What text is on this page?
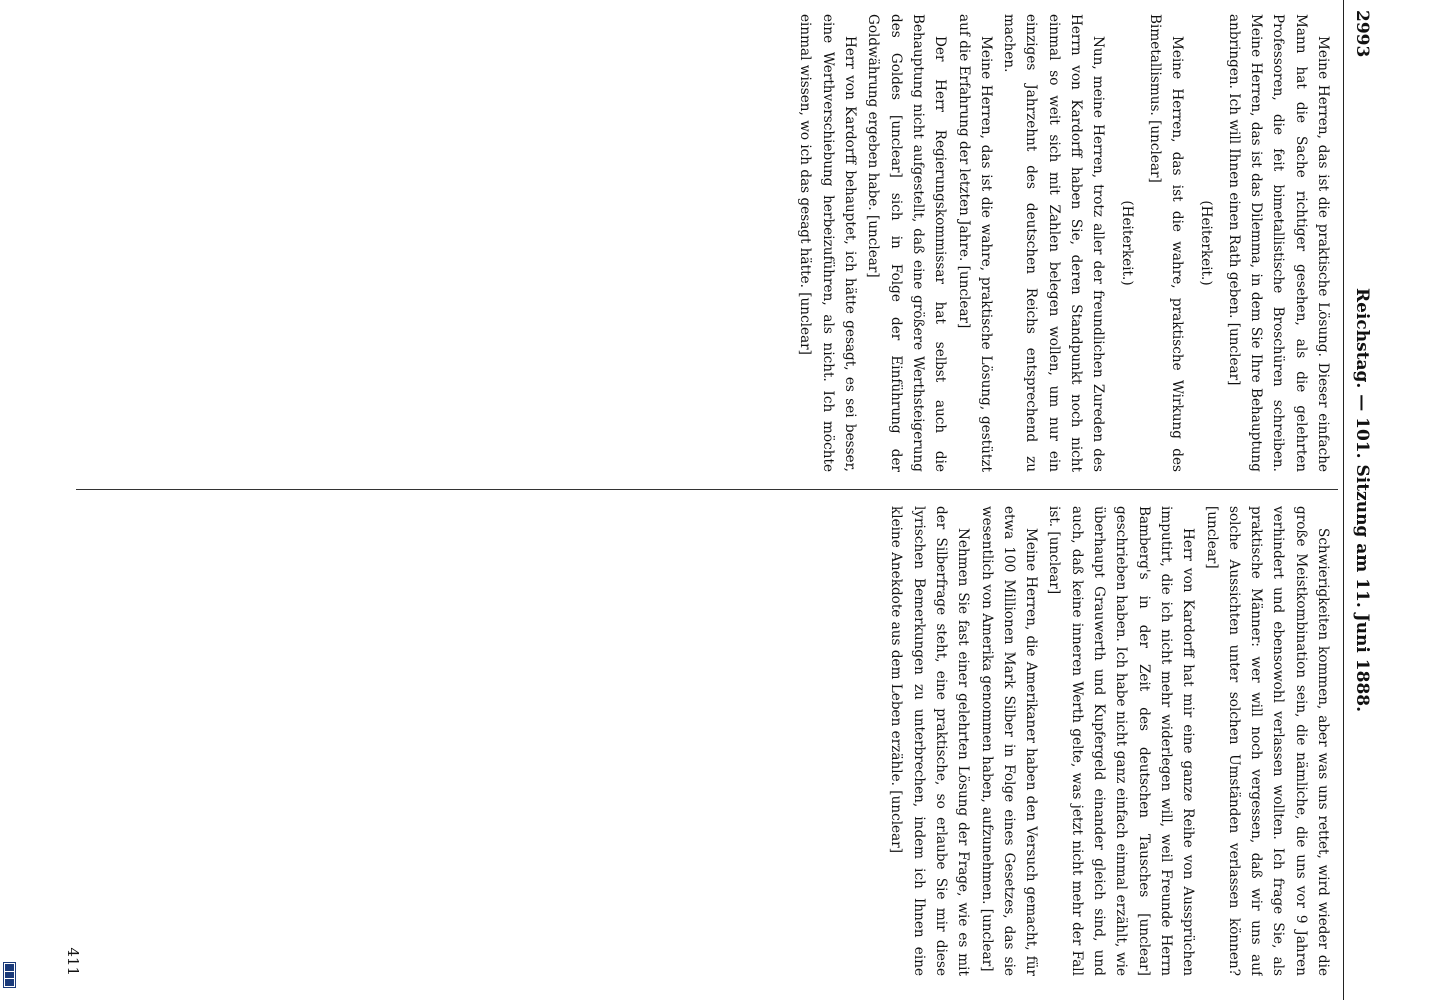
2993
Reichstag. — 101. Sitzung am 11. Juni 1888.

Meine Herren, das ist die praktische Lösung. Dieser einfache Mann hat die Sache richtiger gesehen, als die gelehrten Professoren, die feit bimetallistische Broschüren schreiben. Meine Herren, das ist das Dilemma, in dem Sie Ihre Behauptung anbringen. Ich will Ihnen einen Rath geben. [unclear]

(Heiterkeit.)

Meine Herren, das ist die wahre, praktische Wirkung des Bimetallismus. [unclear]

(Heiterkeit.)

Nun, meine Herren, trotz aller der freundlichen Zureden des Herrn von Kardorff haben Sie, deren Standpunkt noch nicht einmal so weit sich mit Zahlen belegen wollen, um nur ein einziges Jahrzehnt des deutschen Reichs entsprechend zu machen.

Meine Herren, das ist die wahre, praktische Lösung, gestützt auf die Erfahrung der letzten Jahre. [unclear]

Der Herr Regierungskommissar hat selbst auch die Behauptung nicht aufgestellt, daß eine größere Werthsteigerung des Goldes [unclear] sich in Folge der Einführung der Goldwährung ergeben habe. [unclear]

Herr von Kardorff behauptet, ich hätte gesagt, es sei besser, eine Werthverschiebung herbeizuführen, als nicht. Ich möchte einmal wissen, wo ich das gesagt hätte. [unclear]

Schwierigkeiten kommen, aber was uns rettet, wird wieder die große Meistkombination sein, die nämliche, die uns vor 9 Jahren verhindert und ebensowohl verlassen wollten. Ich frage Sie, als praktische Männer: wer will noch vergessen, daß wir uns auf solche Aussichten unter solchen Umständen verlassen können? [unclear]

Herr von Kardorff hat mir eine ganze Reihe von Aussprüchen imputirt, die ich nicht mehr widerlegen will, weil Freunde Herrn Bamberg's in der Zeit des deutschen Tausches [unclear] geschrieben haben. Ich habe nicht ganz einfach einmal erzählt, wie überhaupt Grauwerth und Kupfergeld einander gleich sind, und auch, daß keine inneren Werth gelte, was jetzt nicht mehr der Fall ist. [unclear]

Meine Herren, die Amerikaner haben den Versuch gemacht, für etwa 100 Millionen Mark Silber in Folge eines Gesetzes, das sie wesentlich von Amerika genommen haben, aufzunehmen. [unclear]

Nehmen Sie fast einer gelehrten Lösung der Frage, wie es mit der Silberfrage steht, eine praktische, so erlaube Sie mir diese lyrischen Bemerkungen zu unterbrechen, indem ich Ihnen eine kleine Anekdote aus dem Leben erzähle. [unclear]

411
